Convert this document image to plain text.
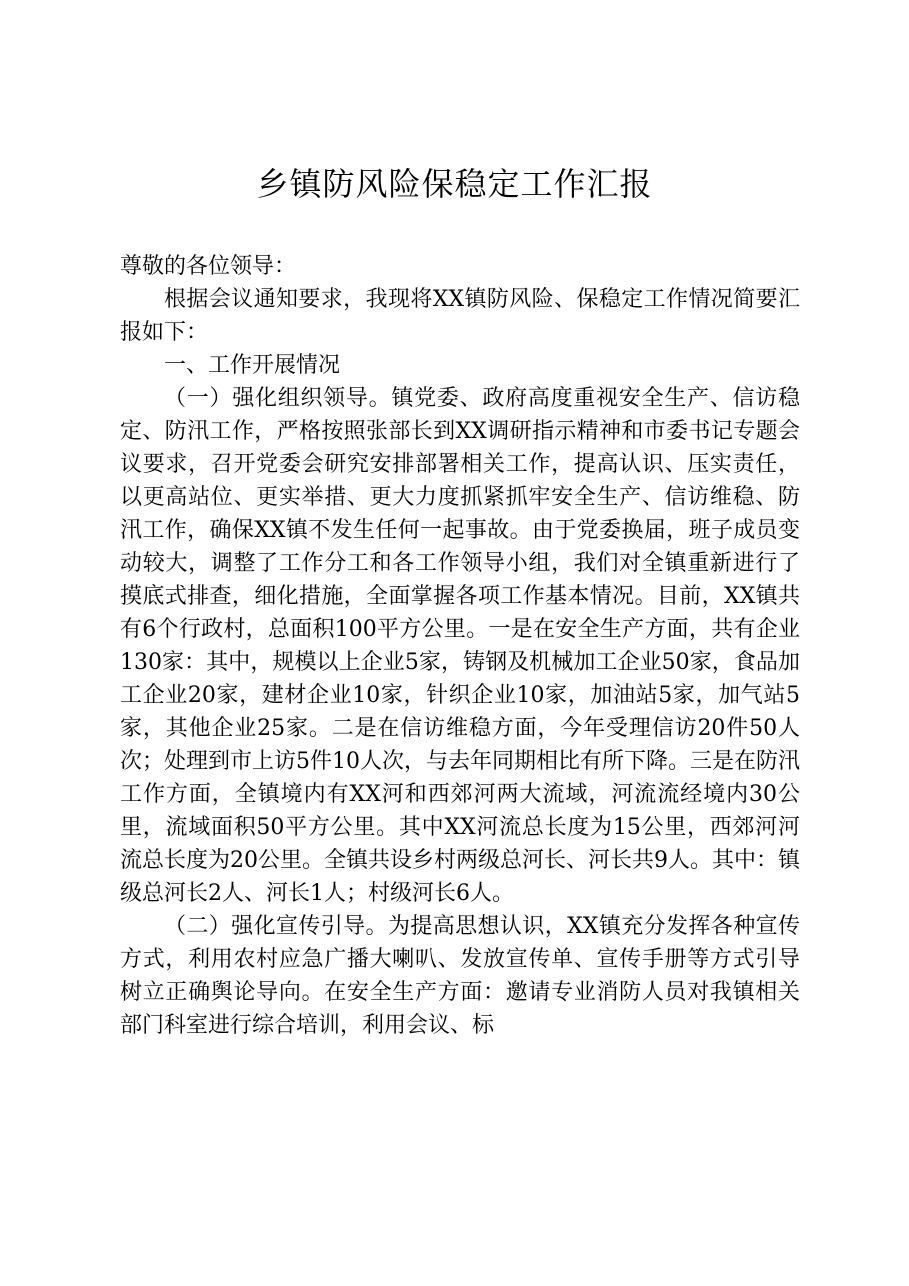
乡镇防风险保稳定工作汇报

尊敬的各位领导：

根据会议通知要求，我现将XX镇防风险、保稳定工作情况简要汇报如下：

一、工作开展情况

（一）强化组织领导。镇党委、政府高度重视安全生产、信访稳定、防汛工作，严格按照张部长到XX调研指示精神和市委书记专题会议要求，召开党委会研究安排部署相关工作，提高认识、压实责任，以更高站位、更实举措、更大力度抓紧抓牢安全生产、信访维稳、防汛工作，确保XX镇不发生任何一起事故。由于党委换届，班子成员变动较大，调整了工作分工和各工作领导小组，我们对全镇重新进行了摸底式排查，细化措施，全面掌握各项工作基本情况。目前，XX镇共有6个行政村，总面积100平方公里。一是在安全生产方面，共有企业130家：其中，规模以上企业5家，铸钢及机械加工企业50家，食品加工企业20家，建材企业10家，针织企业10家，加油站5家，加气站5家，其他企业25家。二是在信访维稳方面，今年受理信访20件50人次；处理到市上访5件10人次，与去年同期相比有所下降。三是在防汛工作方面，全镇境内有XX河和西郊河两大流域，河流流经境内30公里，流域面积50平方公里。其中XX河流总长度为15公里，西郊河河流总长度为20公里。全镇共设乡村两级总河长、河长共9人。其中：镇级总河长2人、河长1人；村级河长6人。

（二）强化宣传引导。为提高思想认识，XX镇充分发挥各种宣传方式，利用农村应急广播大喇叭、发放宣传单、宣传手册等方式引导树立正确舆论导向。在安全生产方面：邀请专业消防人员对我镇相关部门科室进行综合培训，利用会议、标
